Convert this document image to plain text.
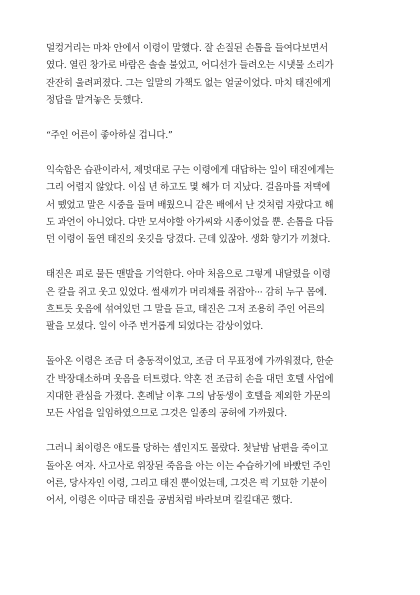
덜컹거리는 마차 안에서 이령이 말했다. 잘 손질된 손톱을 들여다보면서
였다. 열린 창가로 바람은 솔솔 불었고, 어디선가 들려오는 시냇물 소리가
잔잔히 울려퍼졌다. 그는 일말의 가책도 없는 얼굴이었다. 마치 태진에게
정답을 맡겨놓은 듯했다.

“주인 어른이 좋아하실 겁니다.”

익숙함은 습관이라서, 제멋대로 구는 이령에게 대답하는 일이 태진에게는
그리 어렵지 않았다. 이십 년 하고도 몇 해가 더 지났다. 걸음마를 저택에
서 뗐었고 말은 시중을 들며 배웠으니 같은 배에서 난 것처럼 자랐다고 해
도 과언이 아니었다. 다만 모셔야할 아가씨와 시종이었을 뿐. 손톱을 다듬
던 이령이 돌연 태진의 옷깃을 당겼다. 근데 있잖아. 생화 향기가 끼쳤다.

태진은 피로 물든 맨발을 기억한다. 아마 처음으로 그렇게 내달렸을 이령
은 칼을 쥐고 웃고 있었다. 썰새끼가 머리채를 쥐잡아··· 감히 누구 몸에.
흐트듯 웃음에 섞여있던 그 말을 듣고, 태진은 그저 조용히 주인 어른의
팔을 모셨다. 일이 아주 번거롭게 되었다는 감상이었다.

돌아온 이령은 조금 더 충동적이었고, 조금 더 무표정에 가까워졌다, 한순
간 박장대소하며 웃음을 터트렸다. 약혼 전 조급히 손을 대던 호텔 사업에
지대한 관심을 가졌다. 혼례날 이후 그의 남동생이 호텔을 제외한 가문의
모든 사업을 일임하였으므로 그것은 일종의 공허에 가까웠다.

그러니 최이령은 애도를 당하는 셈인지도 몰랐다. 첫날밤 남편을 죽이고
돌아온 여자. 사고사로 위장된 죽음을 아는 이는 수습하기에 바빴던 주인
어른, 당사자인 이령, 그리고 태진 뿐이었는데, 그것은 퍽 기묘한 기분이
어서, 이령은 이따금 태진을 공범처럼 바라보며 킬킬대곤 했다.
